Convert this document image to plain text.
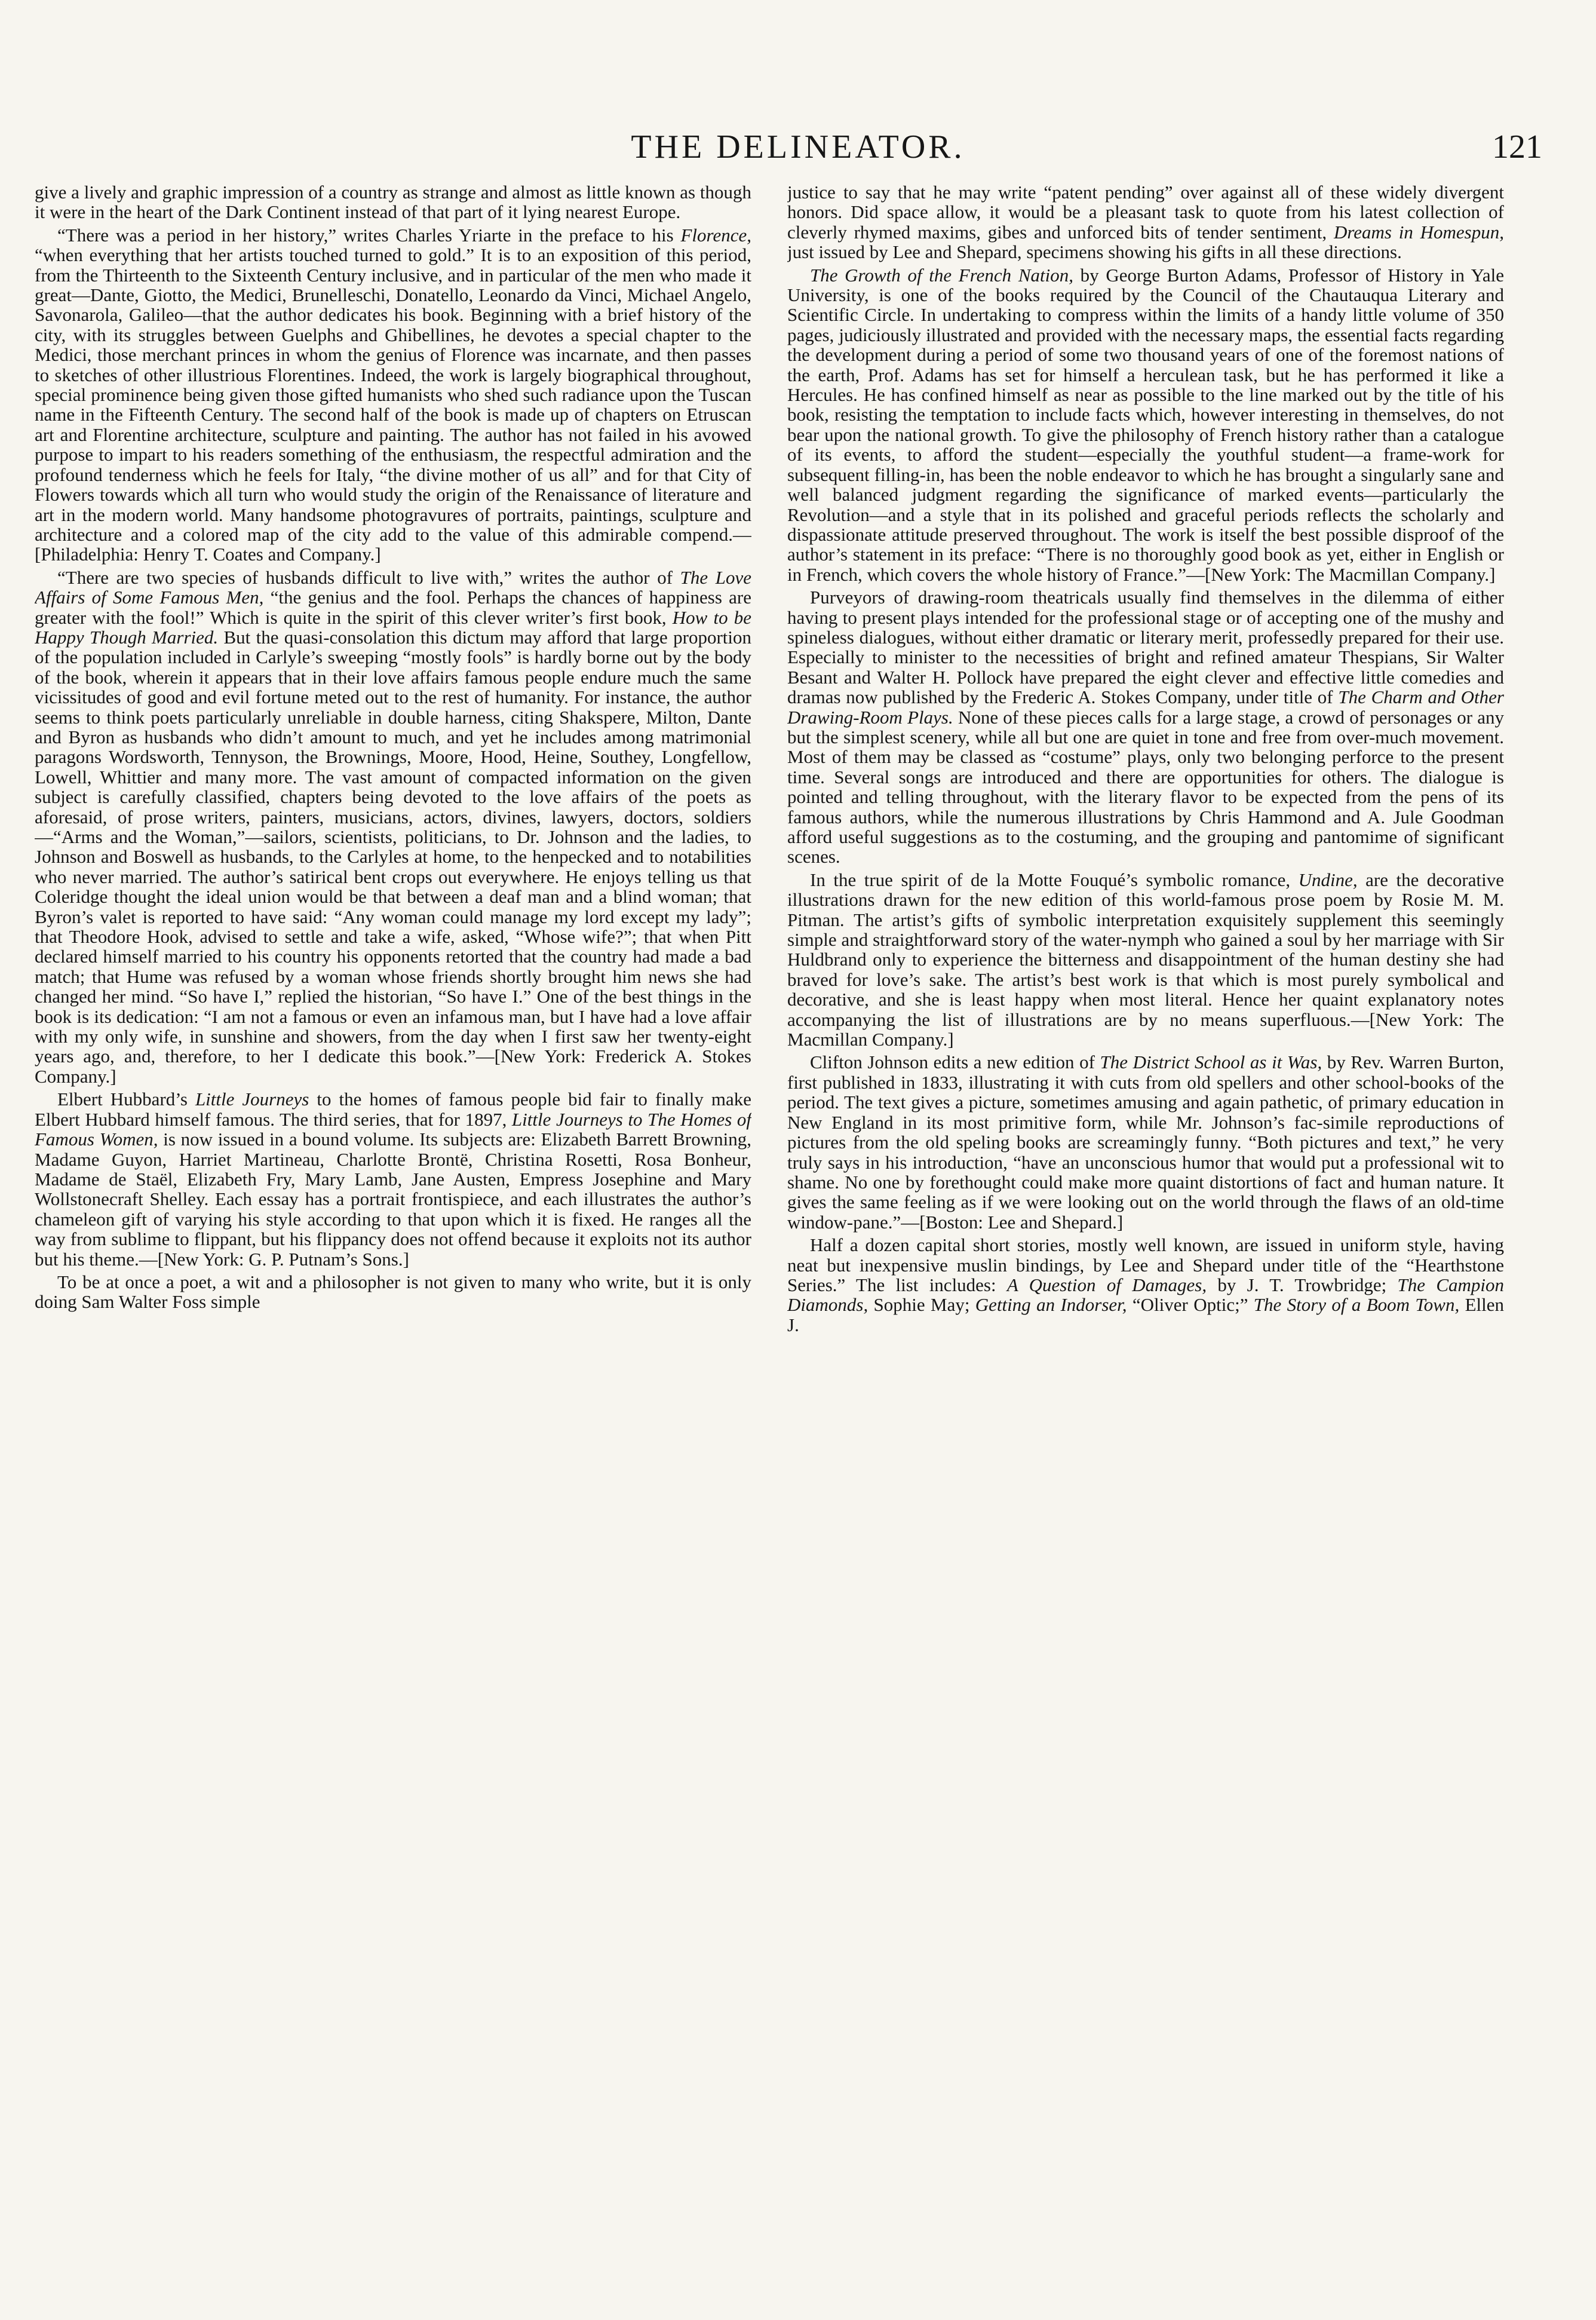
THE DELINEATOR.	121

give a lively and graphic impression of a country as strange and almost as little known as though it were in the heart of the Dark Continent instead of that part of it lying nearest Europe.

“There was a period in her history,” writes Charles Yriarte in the preface to his Florence, “when everything that her artists touched turned to gold.” It is to an exposition of this period, from the Thirteenth to the Sixteenth Century inclusive, and in particular of the men who made it great—Dante, Giotto, the Medici, Brunelleschi, Donatello, Leonardo da Vinci, Michael Angelo, Savonarola, Galileo—that the author dedicates his book. Beginning with a brief history of the city, with its struggles between Guelphs and Ghibellines, he devotes a special chapter to the Medici, those merchant princes in whom the genius of Florence was incarnate, and then passes to sketches of other illustrious Florentines. Indeed, the work is largely biographical throughout, special prominence being given those gifted humanists who shed such radiance upon the Tuscan name in the Fifteenth Century. The second half of the book is made up of chapters on Etruscan art and Florentine architecture, sculpture and painting. The author has not failed in his avowed purpose to impart to his readers something of the enthusiasm, the respectful admiration and the profound tenderness which he feels for Italy, “the divine mother of us all” and for that City of Flowers towards which all turn who would study the origin of the Renaissance of literature and art in the modern world. Many handsome photogravures of portraits, paintings, sculpture and architecture and a colored map of the city add to the value of this admirable compend.—[Philadelphia: Henry T. Coates and Company.]

“There are two species of husbands difficult to live with,” writes the author of The Love Affairs of Some Famous Men, “the genius and the fool. Perhaps the chances of happiness are greater with the fool!” Which is quite in the spirit of this clever writer’s first book, How to be Happy Though Married. But the quasi-consolation this dictum may afford that large proportion of the population included in Carlyle’s sweeping “mostly fools” is hardly borne out by the body of the book, wherein it appears that in their love affairs famous people endure much the same vicissitudes of good and evil fortune meted out to the rest of humanity. For instance, the author seems to think poets particularly unreliable in double harness, citing Shakspere, Milton, Dante and Byron as husbands who didn’t amount to much, and yet he includes among matrimonial paragons Wordsworth, Tennyson, the Brownings, Moore, Hood, Heine, Southey, Longfellow, Lowell, Whittier and many more. The vast amount of compacted information on the given subject is carefully classified, chapters being devoted to the love affairs of the poets as aforesaid, of prose writers, painters, musicians, actors, divines, lawyers, doctors, soldiers—“Arms and the Woman,”—sailors, scientists, politicians, to Dr. Johnson and the ladies, to Johnson and Boswell as husbands, to the Carlyles at home, to the henpecked and to notabilities who never married. The author’s satirical bent crops out everywhere. He enjoys telling us that Coleridge thought the ideal union would be that between a deaf man and a blind woman; that Byron’s valet is reported to have said: “Any woman could manage my lord except my lady”; that Theodore Hook, advised to settle and take a wife, asked, “Whose wife?”; that when Pitt declared himself married to his country his opponents retorted that the country had made a bad match; that Hume was refused by a woman whose friends shortly brought him news she had changed her mind. “So have I,” replied the historian, “So have I.” One of the best things in the book is its dedication: “I am not a famous or even an infamous man, but I have had a love affair with my only wife, in sunshine and showers, from the day when I first saw her twenty-eight years ago, and, therefore, to her I dedicate this book.”—[New York: Frederick A. Stokes Company.]

Elbert Hubbard’s Little Journeys to the homes of famous people bid fair to finally make Elbert Hubbard himself famous. The third series, that for 1897, Little Journeys to The Homes of Famous Women, is now issued in a bound volume. Its subjects are: Elizabeth Barrett Browning, Madame Guyon, Harriet Martineau, Charlotte Brontë, Christina Rosetti, Rosa Bonheur, Madame de Staël, Elizabeth Fry, Mary Lamb, Jane Austen, Empress Josephine and Mary Wollstonecraft Shelley. Each essay has a portrait frontispiece, and each illustrates the author’s chameleon gift of varying his style according to that upon which it is fixed. He ranges all the way from sublime to flippant, but his flippancy does not offend because it exploits not its author but his theme.—[New York: G. P. Putnam’s Sons.]

To be at once a poet, a wit and a philosopher is not given to many who write, but it is only doing Sam Walter Foss simple

justice to say that he may write “patent pending” over against all of these widely divergent honors. Did space allow, it would be a pleasant task to quote from his latest collection of cleverly rhymed maxims, gibes and unforced bits of tender sentiment, Dreams in Homespun, just issued by Lee and Shepard, specimens showing his gifts in all these directions.

The Growth of the French Nation, by George Burton Adams, Professor of History in Yale University, is one of the books required by the Council of the Chautauqua Literary and Scientific Circle. In undertaking to compress within the limits of a handy little volume of 350 pages, judiciously illustrated and provided with the necessary maps, the essential facts regarding the development during a period of some two thousand years of one of the foremost nations of the earth, Prof. Adams has set for himself a herculean task, but he has performed it like a Hercules. He has confined himself as near as possible to the line marked out by the title of his book, resisting the temptation to include facts which, however interesting in themselves, do not bear upon the national growth. To give the philosophy of French history rather than a catalogue of its events, to afford the student—especially the youthful student—a frame-work for subsequent filling-in, has been the noble endeavor to which he has brought a singularly sane and well balanced judgment regarding the significance of marked events—particularly the Revolution—and a style that in its polished and graceful periods reflects the scholarly and dispassionate attitude preserved throughout. The work is itself the best possible disproof of the author’s statement in its preface: “There is no thoroughly good book as yet, either in English or in French, which covers the whole history of France.”—[New York: The Macmillan Company.]

Purveyors of drawing-room theatricals usually find themselves in the dilemma of either having to present plays intended for the professional stage or of accepting one of the mushy and spineless dialogues, without either dramatic or literary merit, professedly prepared for their use. Especially to minister to the necessities of bright and refined amateur Thespians, Sir Walter Besant and Walter H. Pollock have prepared the eight clever and effective little comedies and dramas now published by the Frederic A. Stokes Company, under title of The Charm and Other Drawing-Room Plays. None of these pieces calls for a large stage, a crowd of personages or any but the simplest scenery, while all but one are quiet in tone and free from over-much movement. Most of them may be classed as “costume” plays, only two belonging perforce to the present time. Several songs are introduced and there are opportunities for others. The dialogue is pointed and telling throughout, with the literary flavor to be expected from the pens of its famous authors, while the numerous illustrations by Chris Hammond and A. Jule Goodman afford useful suggestions as to the costuming, and the grouping and pantomime of significant scenes.

In the true spirit of de la Motte Fouqué’s symbolic romance, Undine, are the decorative illustrations drawn for the new edition of this world-famous prose poem by Rosie M. M. Pitman. The artist’s gifts of symbolic interpretation exquisitely supplement this seemingly simple and straightforward story of the water-nymph who gained a soul by her marriage with Sir Huldbrand only to experience the bitterness and disappointment of the human destiny she had braved for love’s sake. The artist’s best work is that which is most purely symbolical and decorative, and she is least happy when most literal. Hence her quaint explanatory notes accompanying the list of illustrations are by no means superfluous.—[New York: The Macmillan Company.]

Clifton Johnson edits a new edition of The District School as it Was, by Rev. Warren Burton, first published in 1833, illustrating it with cuts from old spellers and other school-books of the period. The text gives a picture, sometimes amusing and again pathetic, of primary education in New England in its most primitive form, while Mr. Johnson’s fac-simile reproductions of pictures from the old speling books are screamingly funny. “Both pictures and text,” he very truly says in his introduction, “have an unconscious humor that would put a professional wit to shame. No one by forethought could make more quaint distortions of fact and human nature. It gives the same feeling as if we were looking out on the world through the flaws of an old-time window-pane.”—[Boston: Lee and Shepard.]

Half a dozen capital short stories, mostly well known, are issued in uniform style, having neat but inexpensive muslin bindings, by Lee and Shepard under title of the “Hearthstone Series.” The list includes: A Question of Damages, by J. T. Trowbridge; The Campion Diamonds, Sophie May; Getting an Indorser, “Oliver Optic;” The Story of a Boom Town, Ellen J.
